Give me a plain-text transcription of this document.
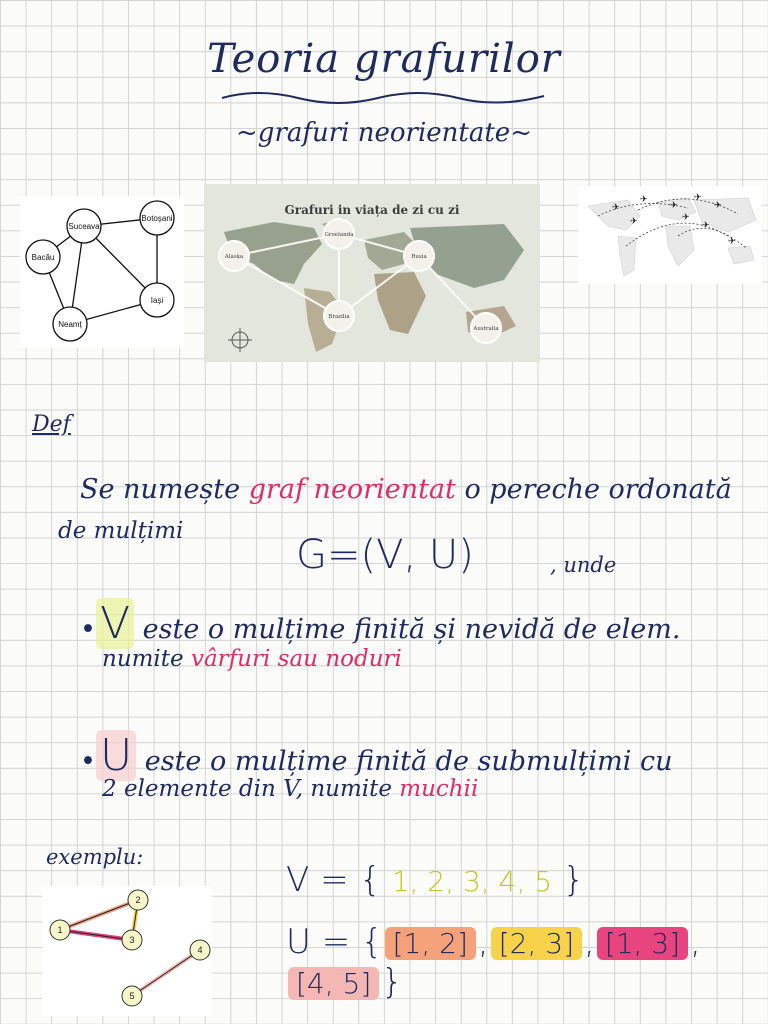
Teoria grafurilor
~grafuri neorientate~
Suceava
Botoșani
Bacău
Iași
Neamț
Grafuri in viața de zi cu zi
Groelanda
Alaska	Rusia
Brazilia
Australia
✈
✈
✈
✈
✈
✈	✈
✈
✈
Def
Se numește graf neorientat o pereche ordonată
de mulțimi
G=(V, U)	, unde
•V este o mulțime finită și nevidă de elem.
numite vârfuri sau noduri
•U este o mulțime finită de submulțimi cu
2 elemente din V, numite muchii
exemplu:
1
2
3
4
5
V = { 1, 2, 3, 4, 5 }
U = { [1, 2] , [2, 3] , [1, 3] ,[4, 5] }
